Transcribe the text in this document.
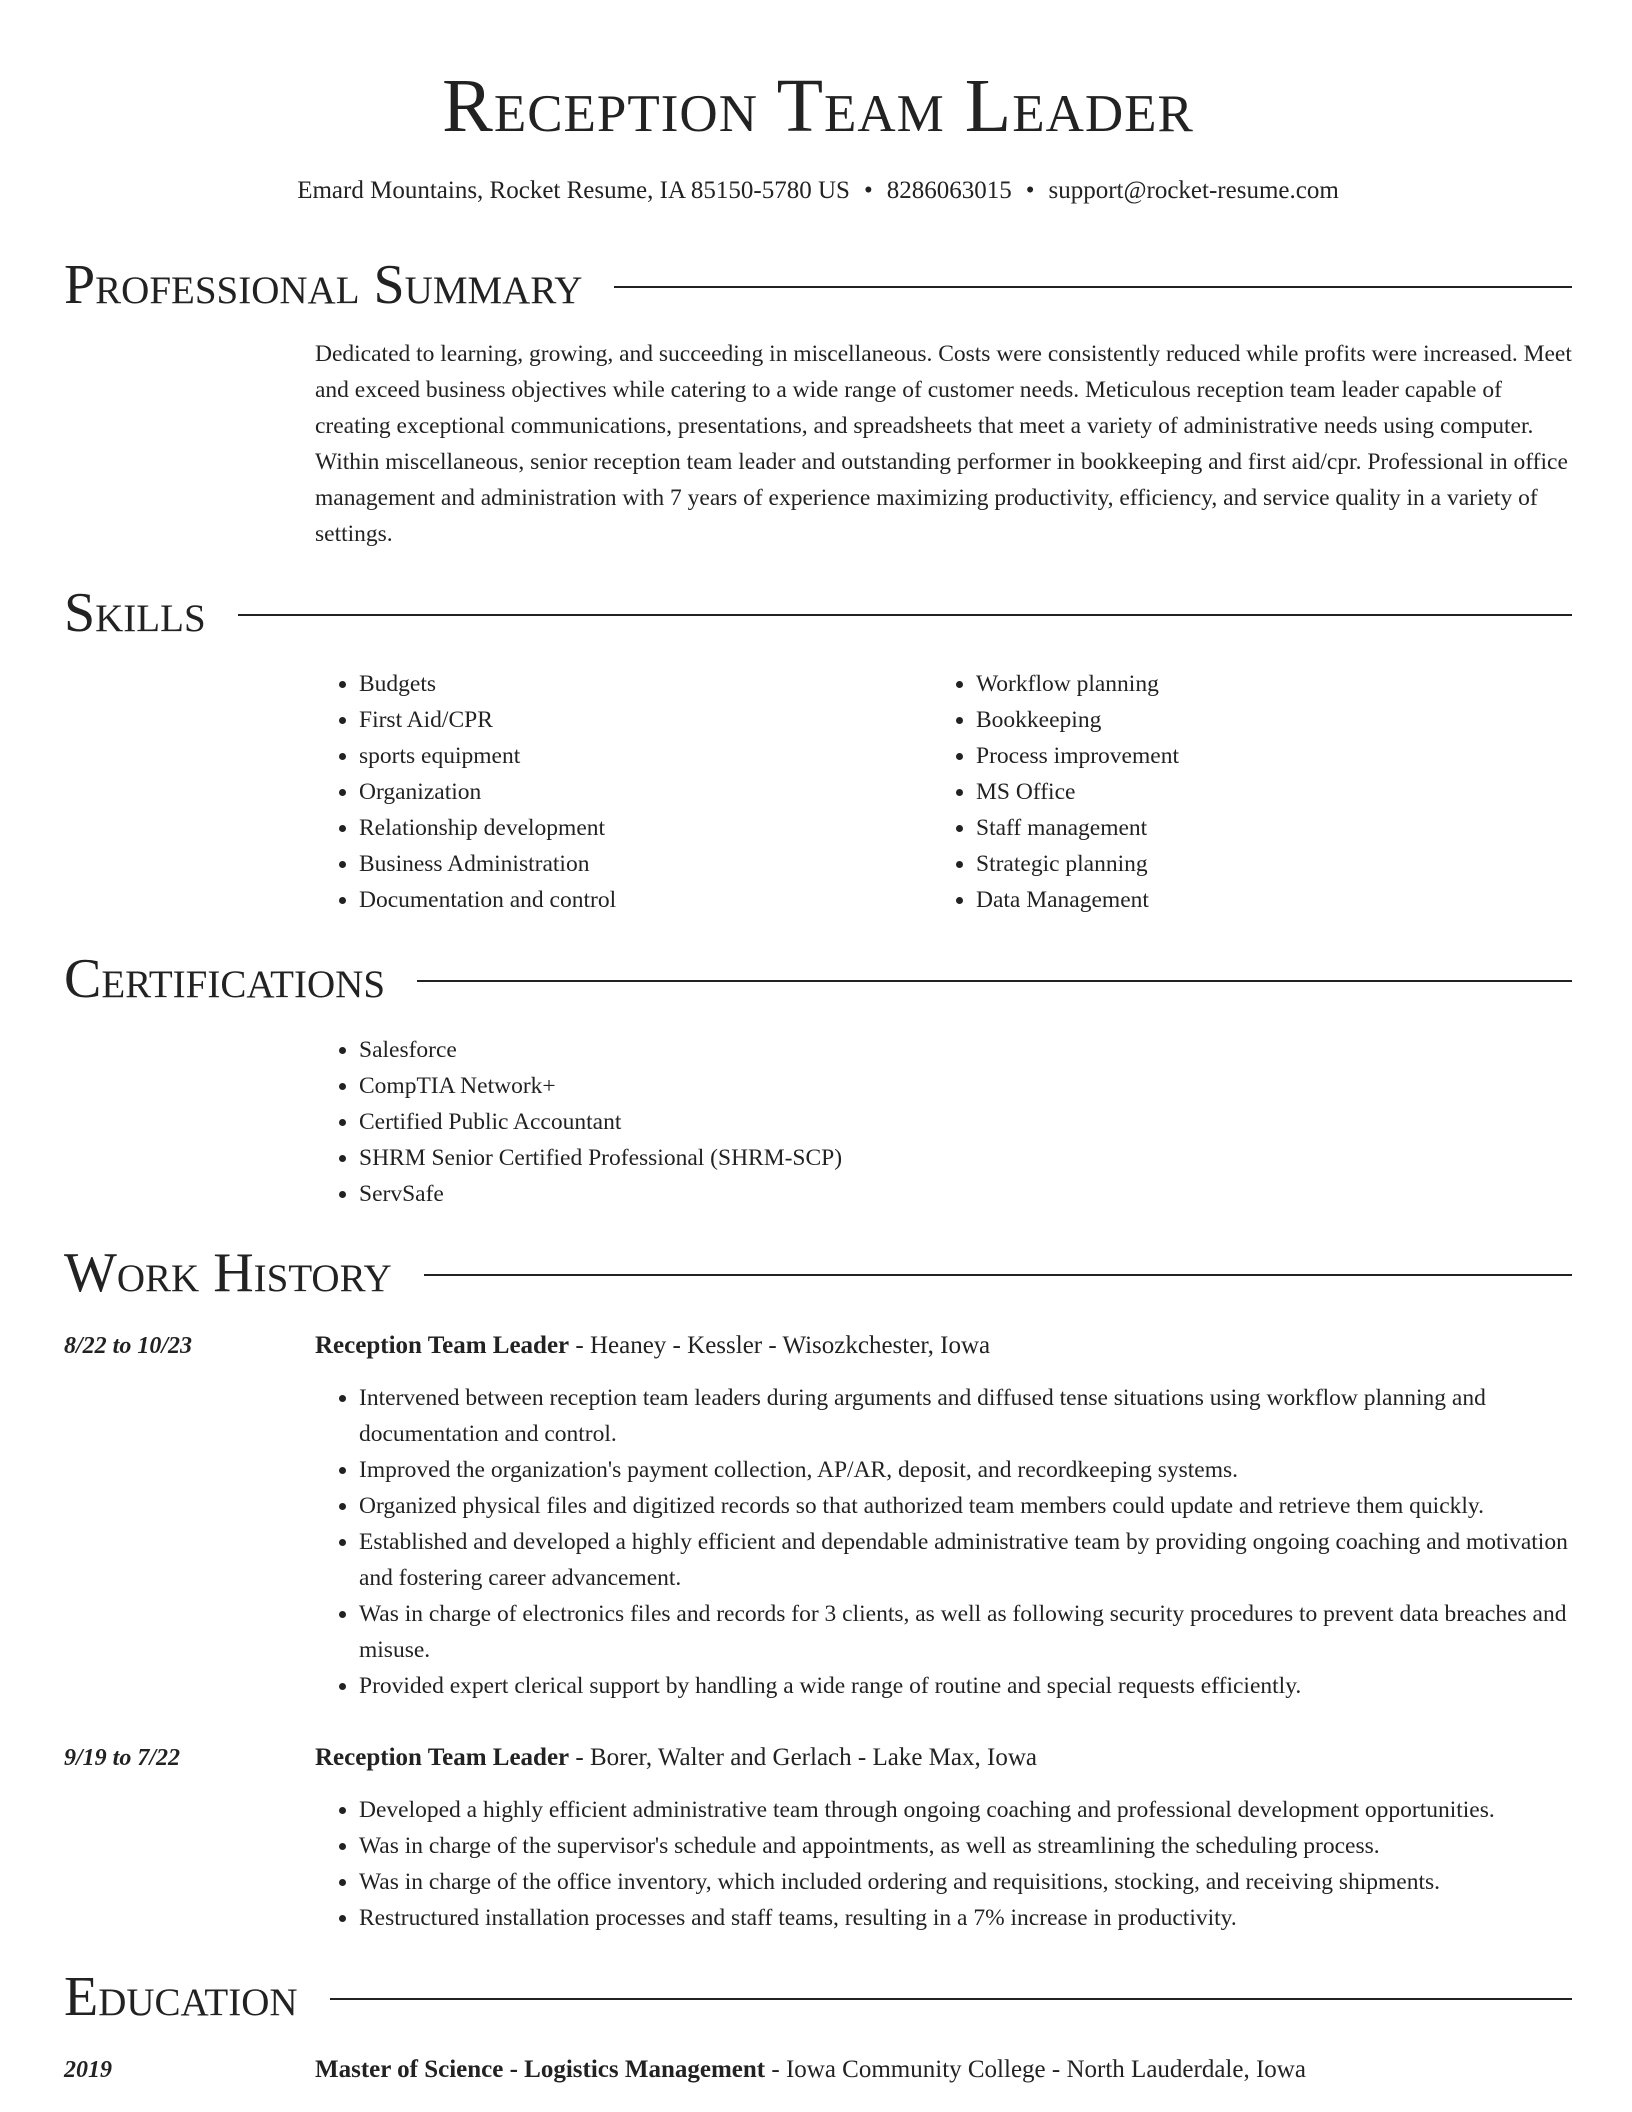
Reception Team Leader
Emard Mountains, Rocket Resume, IA 85150-5780 US • 8286063015 • support@rocket-resume.com
Professional Summary
Dedicated to learning, growing, and succeeding in miscellaneous. Costs were consistently reduced while profits were increased. Meet and exceed business objectives while catering to a wide range of customer needs. Meticulous reception team leader capable of creating exceptional communications, presentations, and spreadsheets that meet a variety of administrative needs using computer. Within miscellaneous, senior reception team leader and outstanding performer in bookkeeping and first aid/cpr. Professional in office management and administration with 7 years of experience maximizing productivity, efficiency, and service quality in a variety of settings.
Skills
• Budgets
• First Aid/CPR
• sports equipment
• Organization
• Relationship development
• Business Administration
• Documentation and control
• Workflow planning
• Bookkeeping
• Process improvement
• MS Office
• Staff management
• Strategic planning
• Data Management
Certifications
• Salesforce
• CompTIA Network+
• Certified Public Accountant
• SHRM Senior Certified Professional (SHRM-SCP)
• ServSafe
Work History
8/22 to 10/23	Reception Team Leader - Heaney - Kessler - Wisozkchester, Iowa
• Intervened between reception team leaders during arguments and diffused tense situations using workflow planning and documentation and control.
• Improved the organization's payment collection, AP/AR, deposit, and recordkeeping systems.
• Organized physical files and digitized records so that authorized team members could update and retrieve them quickly.
• Established and developed a highly efficient and dependable administrative team by providing ongoing coaching and motivation and fostering career advancement.
• Was in charge of electronics files and records for 3 clients, as well as following security procedures to prevent data breaches and misuse.
• Provided expert clerical support by handling a wide range of routine and special requests efficiently.
9/19 to 7/22	Reception Team Leader - Borer, Walter and Gerlach - Lake Max, Iowa
• Developed a highly efficient administrative team through ongoing coaching and professional development opportunities.
• Was in charge of the supervisor's schedule and appointments, as well as streamlining the scheduling process.
• Was in charge of the office inventory, which included ordering and requisitions, stocking, and receiving shipments.
• Restructured installation processes and staff teams, resulting in a 7% increase in productivity.
Education
2019	Master of Science - Logistics Management - Iowa Community College - North Lauderdale, Iowa
